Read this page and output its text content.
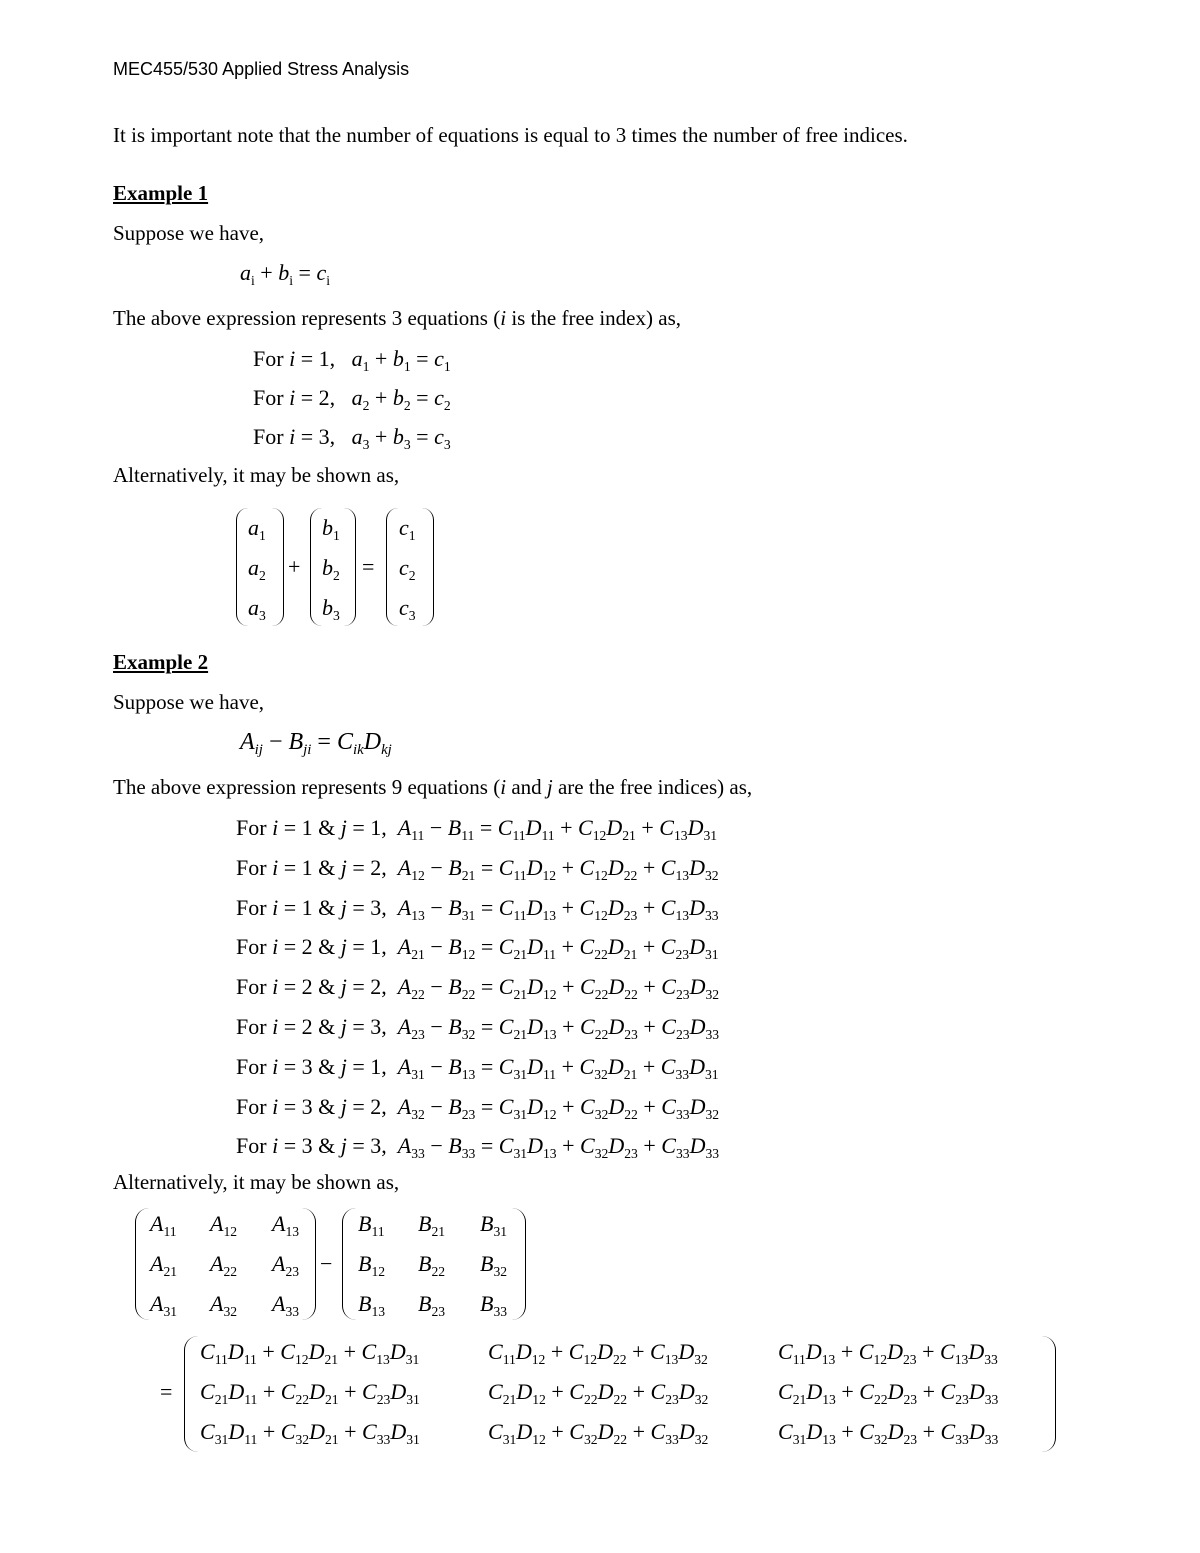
MEC455/530 Applied Stress Analysis
It is important note that the number of equations is equal to 3 times the number of free indices.
Example 1
Suppose we have,
$a_i + b_i = c_i$
The above expression represents 3 equations (i is the free index) as,
For i = 1,   $a_1 + b_1 = c_1$
For i = 2,   $a_2 + b_2 = c_2$
For i = 3,   $a_3 + b_3 = c_3$
Alternatively, it may be shown as,
+	=
Example 2
Suppose we have,
$A_{ij} - B_{ji} = C_{ik}D_{kj}$
The above expression represents 9 equations (i and j are the free indices) as,
For i = 1 & j = 1,  $A_{11} - B_{11} = C_{11}D_{11} + C_{12}D_{21} + C_{13}D_{31}$
For i = 1 & j = 2,  $A_{12} - B_{21} = C_{11}D_{12} + C_{12}D_{22} + C_{13}D_{32}$
For i = 1 & j = 3,  $A_{13} - B_{31} = C_{11}D_{13} + C_{12}D_{23} + C_{13}D_{33}$
For i = 2 & j = 1,  $A_{21} - B_{12} = C_{21}D_{11} + C_{22}D_{21} + C_{23}D_{31}$
For i = 2 & j = 2,  $A_{22} - B_{22} = C_{21}D_{12} + C_{22}D_{22} + C_{23}D_{32}$
For i = 2 & j = 3,  $A_{23} - B_{32} = C_{21}D_{13} + C_{22}D_{23} + C_{23}D_{33}$
For i = 3 & j = 1,  $A_{31} - B_{13} = C_{31}D_{11} + C_{32}D_{21} + C_{33}D_{31}$
For i = 3 & j = 2,  $A_{32} - B_{23} = C_{31}D_{12} + C_{32}D_{22} + C_{33}D_{32}$
For i = 3 & j = 3,  $A_{33} - B_{33} = C_{31}D_{13} + C_{32}D_{23} + C_{33}D_{33}$
Alternatively, it may be shown as,
−
=
$a_1$
$a_2$
$a_3$
$b_1$
$b_2$
$b_3$
$c_1$
$c_2$
$c_3$
$A_{11}$ $A_{12}$ $A_{13}$
$A_{21}$ $A_{22}$ $A_{23}$
$A_{31}$ $A_{32}$ $A_{33}$
$B_{11}$ $B_{21}$ $B_{31}$
$B_{12}$ $B_{22}$ $B_{32}$
$B_{13}$ $B_{23}$ $B_{33}$
$C_{11}D_{11} + C_{12}D_{21} + C_{13}D_{31}$	$C_{11}D_{12} + C_{12}D_{22} + C_{13}D_{32}$	$C_{11}D_{13} + C_{12}D_{23} + C_{13}D_{33}$
$C_{21}D_{11} + C_{22}D_{21} + C_{23}D_{31}$	$C_{21}D_{12} + C_{22}D_{22} + C_{23}D_{32}$	$C_{21}D_{13} + C_{22}D_{23} + C_{23}D_{33}$
$C_{31}D_{11} + C_{32}D_{21} + C_{33}D_{31}$	$C_{31}D_{12} + C_{32}D_{22} + C_{33}D_{32}$	$C_{31}D_{13} + C_{32}D_{23} + C_{33}D_{33}$
